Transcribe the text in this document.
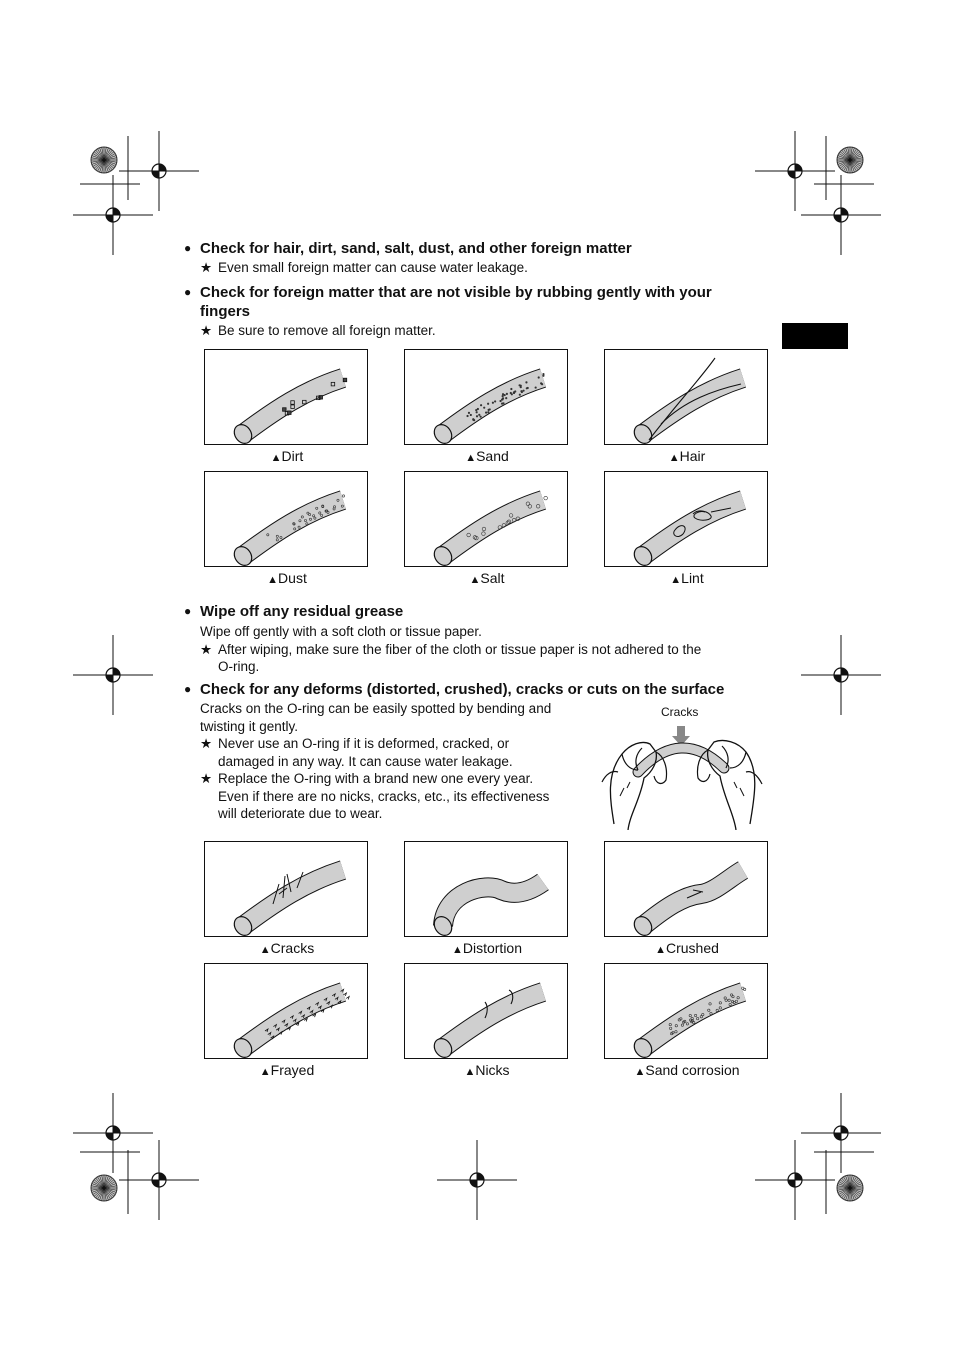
● Check for hair, dirt, sand, salt, dust, and other foreign matter
★ Even small foreign matter can cause water leakage.
● Check for foreign matter that are not visible by rubbing gently with your
fingers
★ Be sure to remove all foreign matter.
▲Dirt	▲Sand	▲Hair
▲Dust	▲Salt	▲Lint
● Wipe off any residual grease
Wipe off gently with a soft cloth or tissue paper.
★ After wiping, make sure the fiber of the cloth or tissue paper is not adhered to the
O-ring.
● Check for any deforms (distorted, crushed), cracks or cuts on the surface
Cracks on the O-ring can be easily spotted by bending and
twisting it gently.
★ Never use an O-ring if it is deformed, cracked, or
damaged in any way. It can cause water leakage.
★ Replace the O-ring with a brand new one every year.
Even if there are no nicks, cracks, etc., its effectiveness
will deteriorate due to wear.
Cracks
▲Cracks	▲Distortion	▲Crushed
▲Frayed	▲Nicks	▲Sand corrosion
